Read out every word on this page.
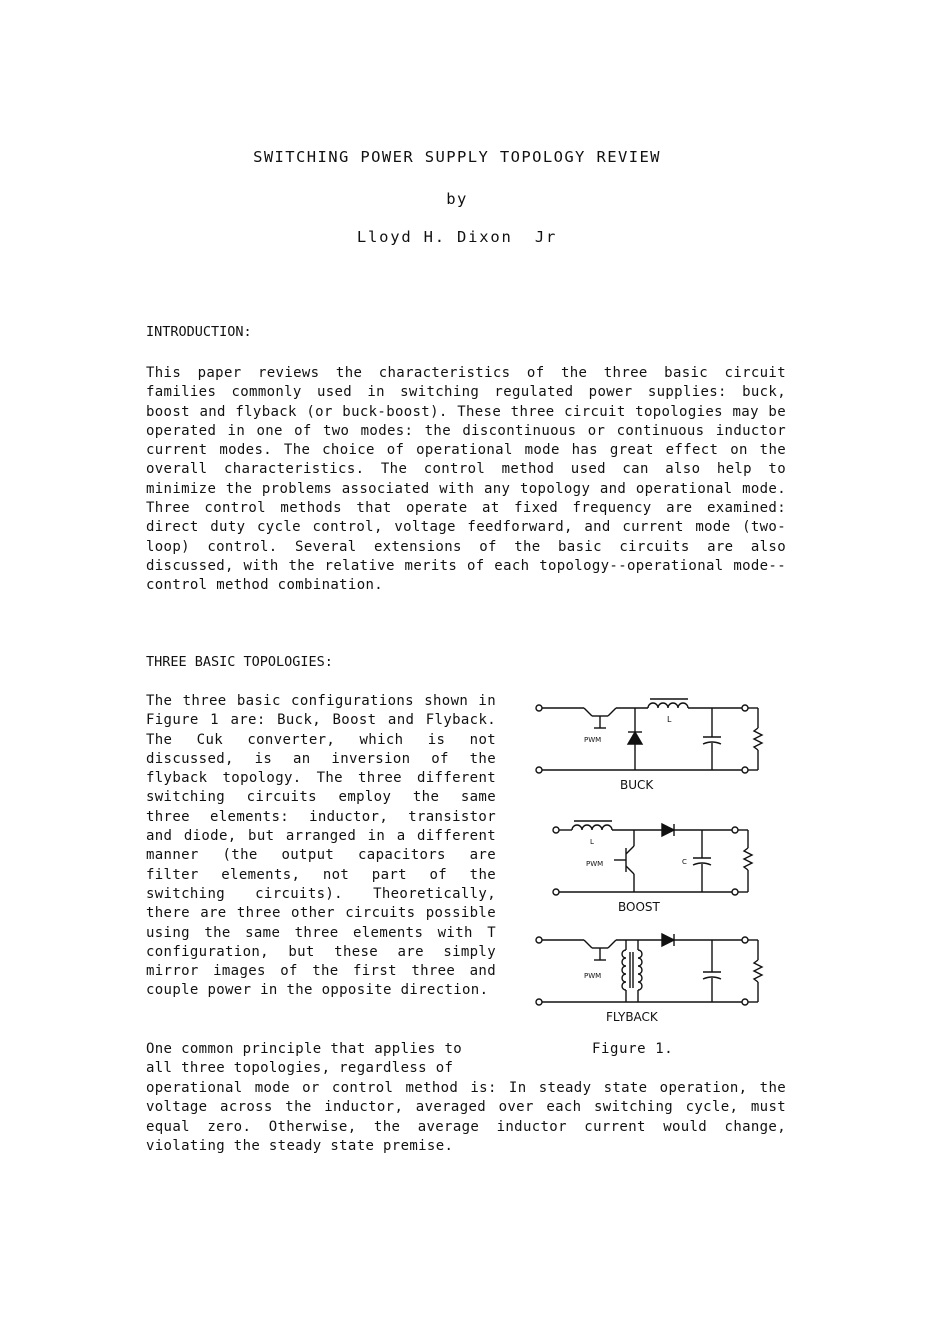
SWITCHING POWER SUPPLY TOPOLOGY REVIEW
by
Lloyd H. Dixon  Jr
INTRODUCTION:
This paper reviews the characteristics of the three basic circuit families commonly used in switching regulated power supplies: buck, boost and flyback (or buck-boost). These three circuit topologies may be operated in one of two modes: the discontinuous or continuous inductor current modes. The choice of operational mode has great effect on the overall characteristics. The control method used can also help to minimize the problems associated with any topology and operational mode. Three control methods that operate at fixed frequency are examined: direct duty cycle control, voltage feedforward, and current mode (two-loop) control. Several extensions of the basic circuits are also discussed, with the relative merits of each topology--operational mode--control method combination.
THREE BASIC TOPOLOGIES:
The three basic configurations shown in Figure 1 are: Buck, Boost and Flyback. The Cuk converter, which is not discussed, is an inversion of the flyback topology. The three different switching circuits employ the same three elements: inductor, transistor and diode, but arranged in a different manner (the output capacitors are filter elements, not part of the switching circuits). Theoretically, there are three other circuits possible using the same three elements with T configuration, but these are simply mirror images of the first three and couple power in the opposite direction.
One common principle that applies to all three topologies, regardless of
operational mode or control method is: In steady state operation, the voltage across the inductor, averaged over each switching cycle, must equal zero. Otherwise, the average inductor current would change, violating the steady state premise.
PWM
L
BUCK
PWM
L
C
BOOST
PWM
FLYBACK
Figure 1.
